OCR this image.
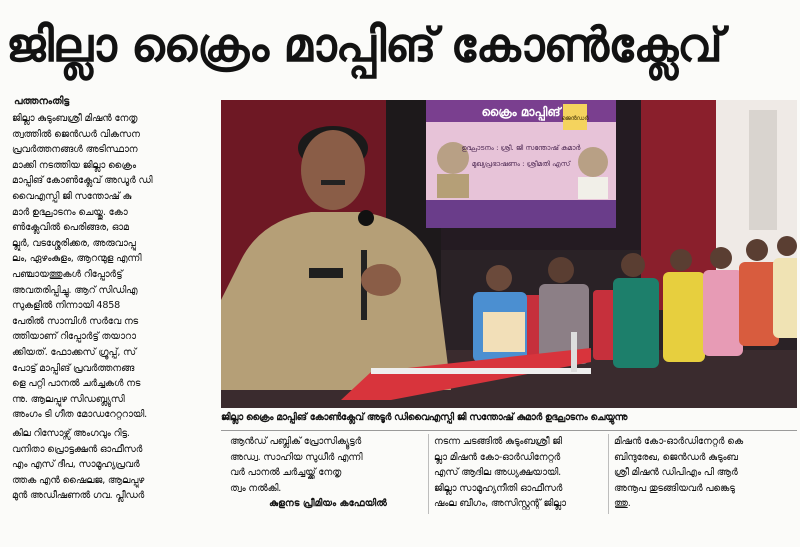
ജില്ലാ ക്രൈം മാപ്പിങ് കോൺക്ലേവ്
പത്തനംതിട്ട
ജില്ലാ കുടുംബശ്രീ മിഷൻ നേതൃ
ത്വത്തിൽ ജെൻഡർ വികസന
പ്രവർത്തനങ്ങൾ അടിസ്ഥാന
മാക്കി നടത്തിയ ജില്ലാ ക്രൈം
മാപ്പിങ് കോൺക്ലേവ് അഡൂർ ഡി
വൈഎസ്പി ജി സന്തോഷ് കു
മാർ ഉദ്ഘാടനം ചെയ്തു. കോ
ൺക്ലേവിൽ പെരിങ്ങര, ഓമ
ല്ലൂർ, വടശ്ശേരിക്കര, അരുവാപ്പു
ലം, ഏഴംകുളം, ആറന്മുള എന്നി
പഞ്ചായത്തുകൾ റിപ്പോർട്ട്
അവതരിപ്പിച്ചു. ആറ് സിഡിഎ
സുകളിൽ നിന്നായി 4858
പേരിൽ സാമ്പിൾ സർവേ നട
ത്തിയാണ് റിപ്പോർട്ട് തയാറാ
ക്കിയത്. ഫോക്കസ് ഗ്രൂപ്പ്, സ്
പോട്ട് മാപ്പിങ് പ്രവർത്തനങ്ങ
ളെ പറ്റി പാനൽ ചർച്ചകൾ നട
ന്നു. ആലപ്പുഴ സിഡബ്ല്യുസി
അംഗം ടി ഗീത മോഡറേറ്ററായി.
ക്രൈം മാപ്പിങ്
ഉദ്ഘാടനം : ശ്രീ. ജി സന്തോഷ് കുമാർ
മുഖ്യപ്രഭാഷണം : ശ്രീമതി എസ്
ജെൻഡർ
ജില്ലാ ക്രൈം മാപ്പിങ് കോൺക്ലേവ് അടൂർ ഡിവൈഎസ്പി ജി സന്തോഷ് കുമാർ ഉദ്ഘാടനം ചെയ്യുന്നു
കില റിസോഴ്സ് അംഗവും റിട്ട.
വനിതാ പ്രൊട്ടക്ഷൻ ഓഫീസർ
എം എസ് ദീപ, സാമൂഹ്യപ്രവർ
ത്തക എൻ ഷൈലജ, ആലപ്പുഴ
മുൻ അഡീഷണൽ ഗവ. പ്ലീഡർ
ആൻഡ് പബ്ലിക് പ്രോസിക്യൂട്ടർ
അഡ്വ. സാഹിയ സുധീർ എന്നി
വർ പാനൽ ചർച്ചയ്ക്ക് നേതൃ
ത്വം നൽകി.
കുളനട പ്രീമിയം കഫേയിൽ
നടന്ന ചടങ്ങിൽ കുടുംബശ്രീ ജി
ല്ലാ മിഷൻ കോ-ഓർഡിനേറ്റർ
എസ് ആദില അധ്യക്ഷയായി.
ജില്ലാ സാമൂഹ്യനീതി ഓഫീസർ
ഷംല ബീഗം, അസിസ്റ്റന്റ് ജില്ലാ
മിഷൻ കോ-ഓർഡിനേറ്റർ കെ
ബിന്ദുരേഖ, ജെൻഡർ കുടുംബ
ശ്രീ മിഷൻ ഡിപിഎം പി ആർ
അനൂപ തുടങ്ങിയവർ പങ്കെടു
ത്തു.
